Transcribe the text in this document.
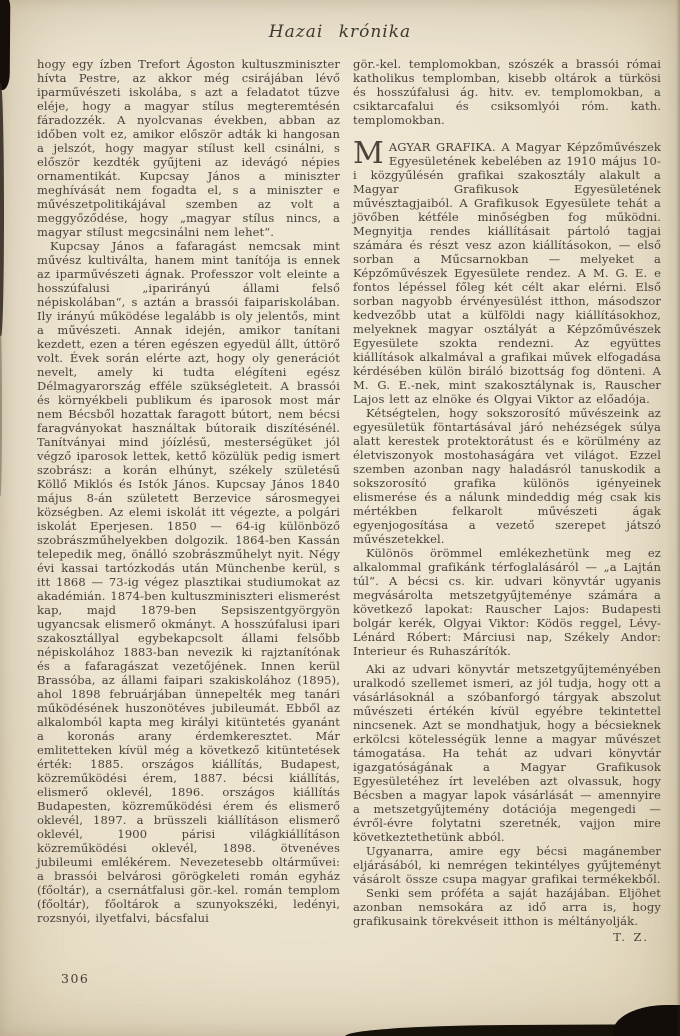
Hazai krónika

hogy egy ízben Trefort Ágoston kultuszminiszter hívta Pestre, az akkor még csirájában lévő iparművészeti iskolába, s azt a feladatot tűzve eléje, hogy a magyar stílus megteremtésén fáradozzék. A nyolcvanas években, abban az időben volt ez, amikor először adták ki hangosan a jelszót, hogy magyar stílust kell csinálni, s először kezdték gyűjteni az idevágó népies ornamentikát. Kupcsay János a miniszter meghívását nem fogadta el, s a miniszter e művészetpolitikájával szemben az volt a meggyőződése, hogy „magyar stílus nincs, a magyar stílust megcsinálni nem lehet“.

Kupcsay János a fafaragást nemcsak mint művész kultiválta, hanem mint tanítója is ennek az iparművészeti ágnak. Professzor volt eleinte a hosszúfalusi „iparirányú állami felső népiskolában“, s aztán a brassói faipariskolában. Ily irányú működése legalább is oly jelentős, mint a művészeti. Annak idején, amikor tanítani kezdett, ezen a téren egészen egyedül állt, úttörő volt. Évek során elérte azt, hogy oly generációt nevelt, amely ki tudta elégíteni egész Délmagyarország efféle szükségleteit. A brassói és környékbeli publikum és iparosok most már nem Bécsből hozattak faragott bútort, nem bécsi faragványokat használtak bútoraik diszítésénél. Tanítványai mind jóízlésű, mesterségüket jól végző iparosok lettek, kettő közülük pedig ismert szobrász: a korán elhúnyt, székely születésű Köllő Miklós és Istók János. Kupcsay János 1840 május 8-án született Berzevice sárosmegyei községben. Az elemi iskolát itt végezte, a polgári iskolát Eperjesen. 1850 — 64-ig különböző szobrászműhelyekben dolgozik. 1864-ben Kassán telepedik meg, önálló szobrászműhelyt nyit. Négy évi kassai tartózkodás után Münchenbe kerül, s itt 1868 — 73-ig végez plasztikai studiumokat az akadémián. 1874-ben kultuszminiszteri elismerést kap, majd 1879-ben Sepsiszentgyörgyön ugyancsak elismerő okmányt. A hosszúfalusi ipari szakosztállyal egybekapcsolt állami felsőbb népiskolához 1883-ban nevezik ki rajztanítónak és a fafaragászat vezetőjének. Innen kerül Brassóba, az állami faipari szakiskolához (1895), ahol 1898 februárjában ünnepelték meg tanári működésének huszonötéves jubileumát. Ebből az alkalomból kapta meg királyi kitüntetés gyanánt a koronás arany érdemkeresztet. Már emlitetteken kívül még a következő kitüntetések érték: 1885. országos kiállítás, Budapest, közreműködési érem, 1887. bécsi kiállítás, elismerő oklevél, 1896. országos kiállítás Budapesten, közreműködési érem és elismerő oklevél, 1897. a brüsszeli kiállításon elismerő oklevél, 1900 párisi világkiállításon közreműködési oklevél, 1898. ötvenéves jubileumi emlékérem. Nevezetesebb oltárművei: a brassói belvárosi görögkeleti román egyház (főoltár), a csernátfalusi gör.-kel. román templom (főoltár), főoltárok a szunyokszéki, ledényi, rozsnyói, ilyetfalvi, bácsfalui

gör.-kel. templomokban, szószék a brassói római katholikus templomban, kisebb oltárok a türkösi és hosszúfalusi ág. hitv. ev. templomokban, a csiktarcafalui és csiksomlyói róm. kath. templomokban.

MAGYAR GRAFIKA. A Magyar Képzőművészek Egyesületének kebelében az 1910 május 10-i közgyűlésén grafikai szakosztály alakult a Magyar Grafikusok Egyesületének művésztagjaiból. A Grafikusok Egyesülete tehát a jövőben kétféle minőségben fog működni. Megnyitja rendes kiállításait pártoló tagjai számára és részt vesz azon kiállításokon, — első sorban a Műcsarnokban — melyeket a Képzőművészek Egyesülete rendez. A M. G. E. e fontos lépéssel főleg két célt akar elérni. Első sorban nagyobb érvényesülést itthon, másodszor kedvezőbb utat a külföldi nagy kiállításokhoz, melyeknek magyar osztályát a Képzőművészek Egyesülete szokta rendezni. Az együttes kiállítások alkalmával a grafikai művek elfogadása kérdésében külön biráló bizottság fog dönteni. A M. G. E.-nek, mint szakosztálynak is, Rauscher Lajos lett az elnöke és Olgyai Viktor az előadója.

Kétségtelen, hogy sokszorosító művészeink az egyesületük föntartásával járó nehézségek súlya alatt kerestek protektorátust és e körülmény az életviszonyok mostohaságára vet világot. Ezzel szemben azonban nagy haladásról tanuskodik a sokszorosító grafika különös igényeinek elismerése és a nálunk mindeddig még csak kis mértékben felkarolt művészeti ágak egyenjogosítása a vezető szerepet játszó művészetekkel.

Különös örömmel emlékezhetünk meg ez alkalommal grafikánk térfoglalásáról — „a Lajtán túl“. A bécsi cs. kir. udvari könyvtár ugyanis megvásárolta metszetgyűjteménye számára a következő lapokat: Rauscher Lajos: Budapesti bolgár kerék, Olgyai Viktor: Ködös reggel, Lévy-Lénárd Róbert: Márciusi nap, Székely Andor: Interieur és Ruhaszárítók.

Aki az udvari könyvtár metszetgyűjteményében uralkodó szellemet ismeri, az jól tudja, hogy ott a vásárlásoknál a szóbanforgó tárgyak abszolut művészeti értékén kívül egyébre tekintettel nincsenek. Azt se mondhatjuk, hogy a bécsieknek erkölcsi kötelességük lenne a magyar művészet támogatása. Ha tehát az udvari könyvtár igazgatóságának a Magyar Grafikusok Egyesületéhez írt levelében azt olvassuk, hogy Bécsben a magyar lapok vásárlását — amennyire a metszetgyűjtemény dotációja megengedi — évről-évre folytatni szeretnék, vajjon mire következtethetünk abból.

Ugyanarra, amire egy bécsi magánember eljárásából, ki nemrégen tekintélyes gyűjteményt vásárolt össze csupa magyar grafikai termékekből.

Senki sem próféta a saját hazájában. Eljöhet azonban nemsokára az idő arra is, hogy grafikusaink törekvéseit itthon is méltányolják.

T. Z.

306
